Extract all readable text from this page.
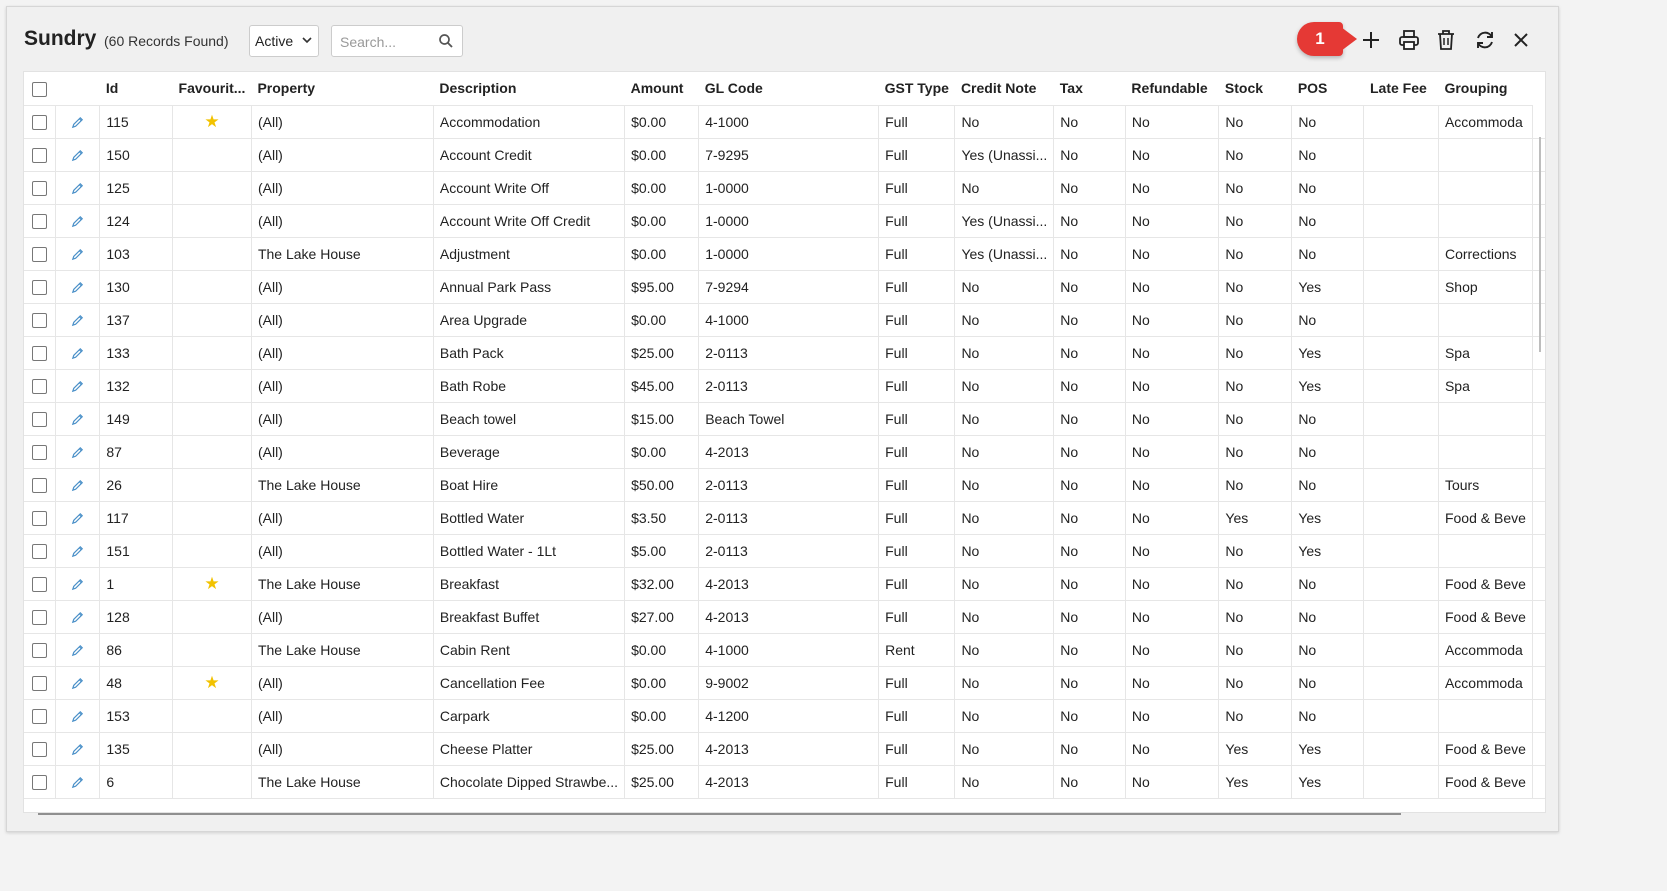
Sundry (60 Records Found)	Active
Search...	1
		Id	Favourit...	Property	Description	Amount	GL Code	GST Type	Credit Note	Tax	Refundable	Stock	POS	Late Fee	Grouping	
		115	★	(All)	Accommodation	$0.00	4-1000	Full	No	No	No	No	No		Accommoda	
		150		(All)	Account Credit	$0.00	7-9295	Full	Yes (Unassi...	No	No	No	No			
		125		(All)	Account Write Off	$0.00	1-0000	Full	No	No	No	No	No			
		124		(All)	Account Write Off Credit	$0.00	1-0000	Full	Yes (Unassi...	No	No	No	No			
		103		The Lake House	Adjustment	$0.00	1-0000	Full	Yes (Unassi...	No	No	No	No		Corrections	
		130		(All)	Annual Park Pass	$95.00	7-9294	Full	No	No	No	No	Yes		Shop	
		137		(All)	Area Upgrade	$0.00	4-1000	Full	No	No	No	No	No			
		133		(All)	Bath Pack	$25.00	2-0113	Full	No	No	No	No	Yes		Spa	
		132		(All)	Bath Robe	$45.00	2-0113	Full	No	No	No	No	Yes		Spa	
		149		(All)	Beach towel	$15.00	Beach Towel	Full	No	No	No	No	No			
		87		(All)	Beverage	$0.00	4-2013	Full	No	No	No	No	No			
		26		The Lake House	Boat Hire	$50.00	2-0113	Full	No	No	No	No	No		Tours	
		117		(All)	Bottled Water	$3.50	2-0113	Full	No	No	No	Yes	Yes		Food & Beve	
		151		(All)	Bottled Water - 1Lt	$5.00	2-0113	Full	No	No	No	No	Yes			
		1	★	The Lake House	Breakfast	$32.00	4-2013	Full	No	No	No	No	No		Food & Beve	
		128		(All)	Breakfast Buffet	$27.00	4-2013	Full	No	No	No	No	No		Food & Beve	
		86		The Lake House	Cabin Rent	$0.00	4-1000	Rent	No	No	No	No	No		Accommoda	
		48	★	(All)	Cancellation Fee	$0.00	9-9002	Full	No	No	No	No	No		Accommoda	
		153		(All)	Carpark	$0.00	4-1200	Full	No	No	No	No	No			
		135		(All)	Cheese Platter	$25.00	4-2013	Full	No	No	No	Yes	Yes		Food & Beve	
		6		The Lake House	Chocolate Dipped Strawbe...	$25.00	4-2013	Full	No	No	No	Yes	Yes		Food & Beve	
